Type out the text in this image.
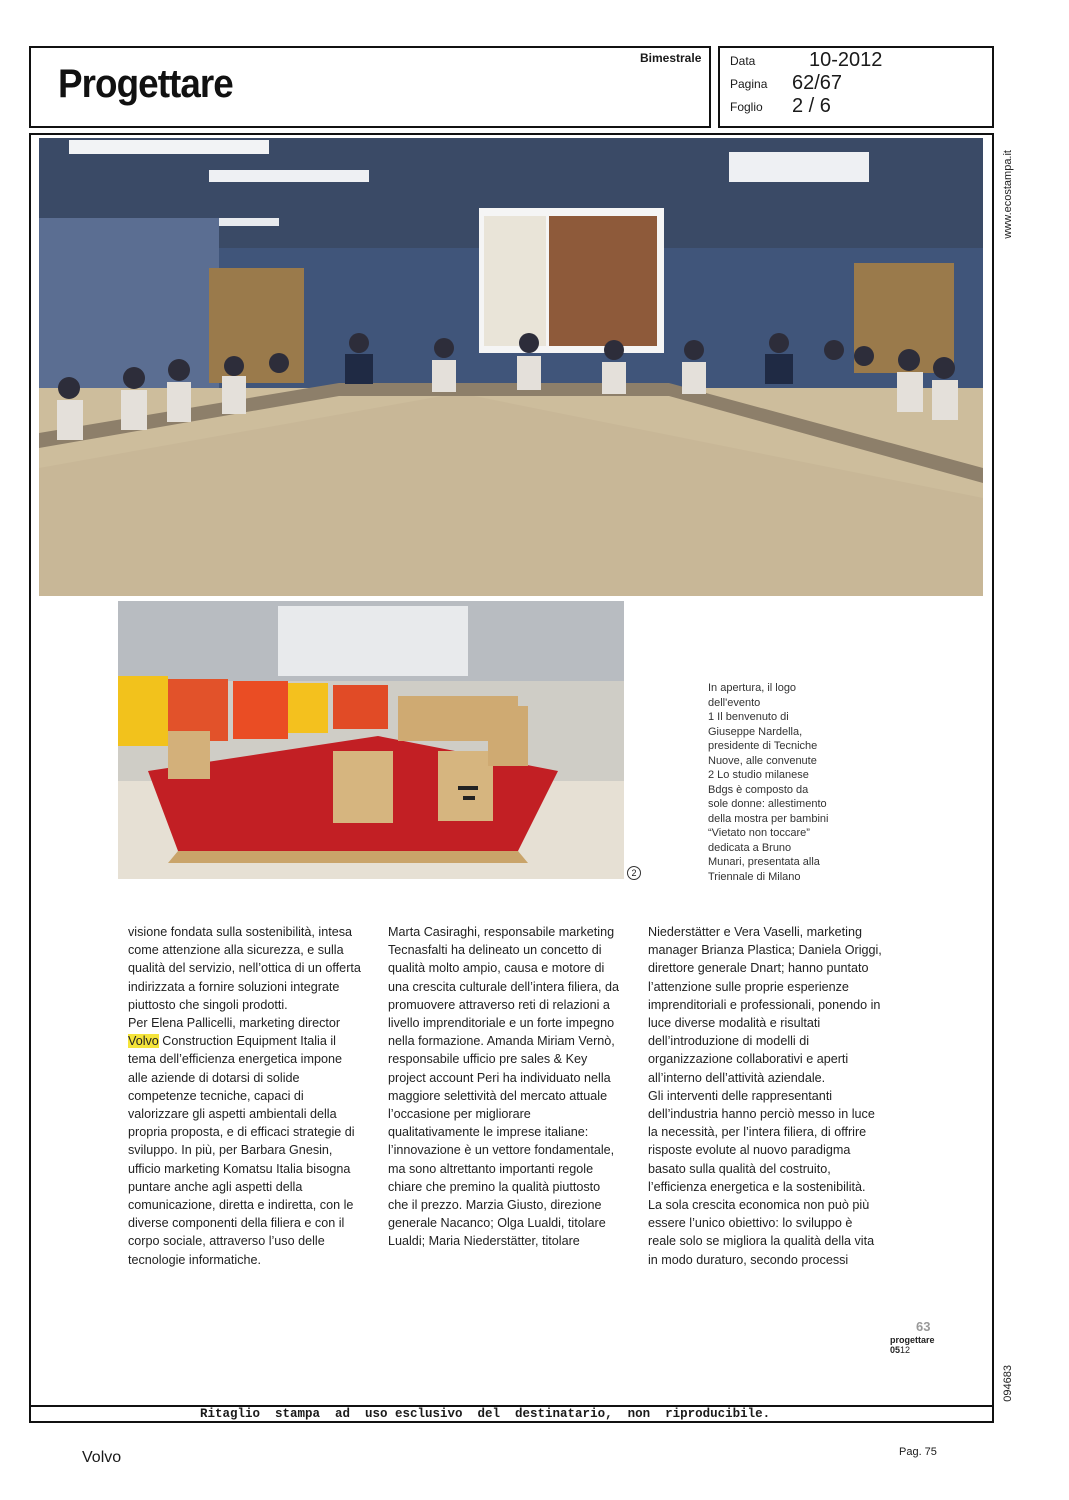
Progettare
Bimestrale Data	10-2012
Pagina 62/67
Foglio 2 / 6
www.ecostampa.it
094683
2
In apertura, il logo
dell'evento
1 Il benvenuto di
Giuseppe Nardella,
presidente di Tecniche
Nuove, alle convenute
2 Lo studio milanese
Bdgs è composto da
sole donne: allestimento
della mostra per bambini
“Vietato non toccare”
dedicata a Bruno
Munari, presentata alla
Triennale di Milano

visione fondata sulla sostenibilità, intesa come attenzione alla sicurezza, e sulla qualità del servizio, nell’ottica di un offerta indirizzata a fornire soluzioni integrate piuttosto che singoli prodotti.

Per Elena Pallicelli, marketing director
Volvo Construction Equipment Italia il tema dell’efficienza energetica impone alle aziende di dotarsi di solide competenze tecniche, capaci di valorizzare gli aspetti ambientali della propria proposta, e di efficaci strategie di sviluppo. In più, per Barbara Gnesin, ufficio marketing Komatsu Italia bisogna puntare anche agli aspetti della comunicazione, diretta e indiretta, con le diverse componenti della filiera e con il corpo sociale, attraverso l’uso delle tecnologie informatiche.

Marta Casiraghi, responsabile marketing Tecnasfalti ha delineato un concetto di qualità molto ampio, causa e motore di una crescita culturale dell’intera filiera, da promuovere attraverso reti di relazioni a livello imprenditoriale e un forte impegno nella formazione. Amanda Miriam Vernò, responsabile ufficio pre sales & Key project account Peri ha individuato nella maggiore selettività del mercato attuale l’occasione per migliorare qualitativamente le imprese italiane: l’innovazione è un vettore fondamentale, ma sono altrettanto importanti regole chiare che premino la qualità piuttosto che il prezzo. Marzia Giusto, direzione generale Nacanco; Olga Lualdi, titolare Lualdi; Maria Niederstätter, titolare

Niederstätter e Vera Vaselli, marketing manager Brianza Plastica; Daniela Origgi, direttore generale Dnart; hanno puntato l’attenzione sulle proprie esperienze imprenditoriali e professionali, ponendo in luce diverse modalità e risultati dell’introduzione di modelli di organizzazione collaborativi e aperti all’interno dell’attività aziendale.

Gli interventi delle rappresentanti dell’industria hanno perciò messo in luce la necessità, per l’intera filiera, di offrire risposte evolute al nuovo paradigma basato sulla qualità del costruito, l’efficienza energetica e la sostenibilità. La sola crescita economica non può più essere l’unico obiettivo: lo sviluppo è reale solo se migliora la qualità della vita in modo duraturo, secondo processi

63
progettare
0512
Ritaglio  stampa  ad  uso esclusivo  del  destinatario,  non  riproducibile.
Volvo	Pag. 75
